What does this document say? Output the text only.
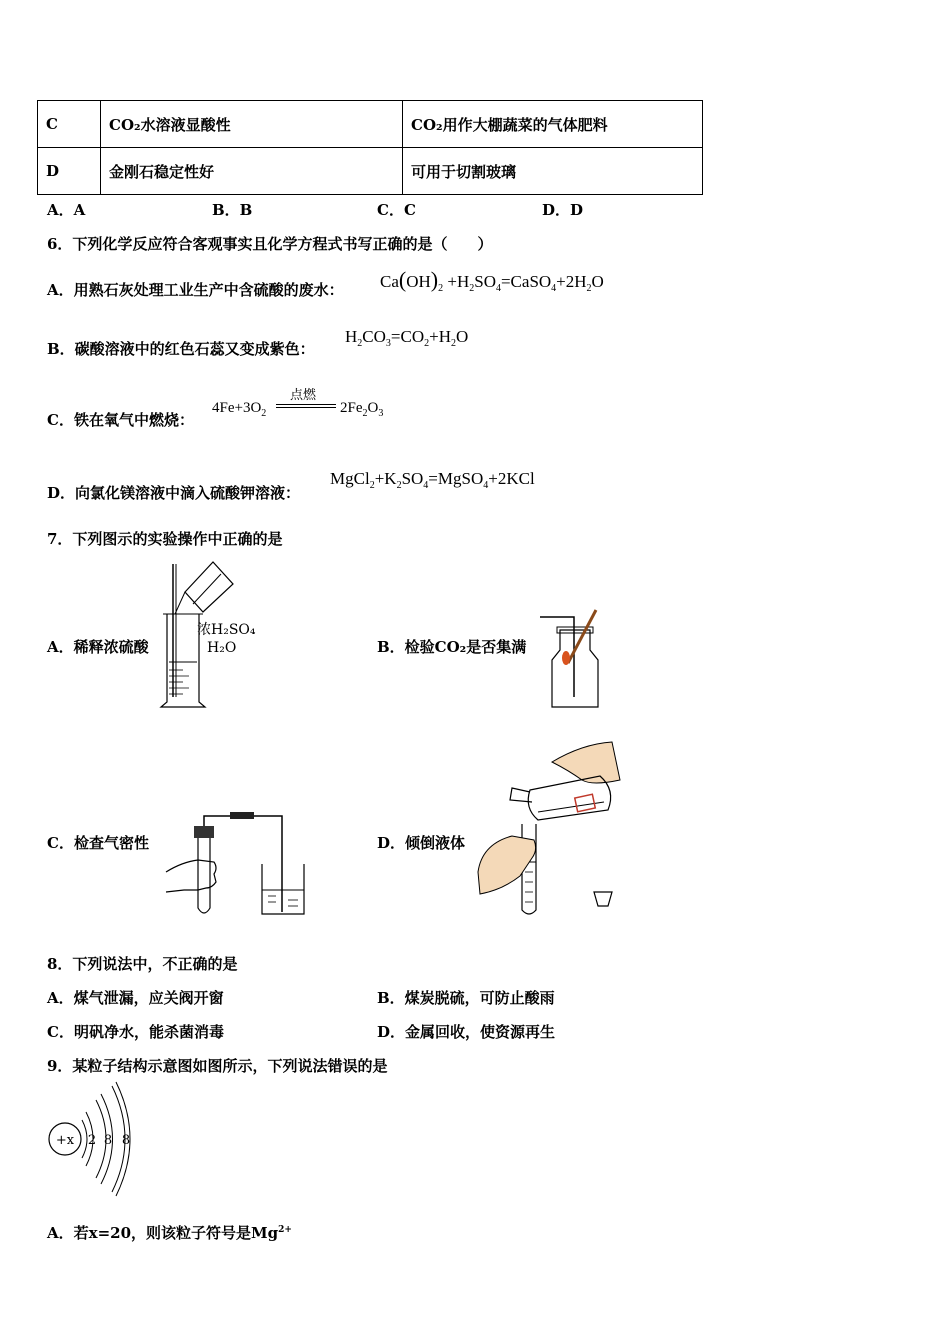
C	CO₂水溶液显酸性	CO₂用作大棚蔬菜的气体肥料
D	金刚石稳定性好	可用于切割玻璃
A．A	B．B	C．C	D．D
6．下列化学反应符合客观事实且化学方程式书写正确的是（　　）
A．用熟石灰处理工业生产中含硫酸的废水： $Ca(OH)_2$ $+H_2SO_4=CaSO_4+2H_2O$
B．碳酸溶液中的红色石蕊又变成紫色：
$H_2CO_3=CO_2+H_2O$
C．铁在氧气中燃烧：
$4Fe+3O_2$
点燃
$2Fe_2O_3$
D．向氯化镁溶液中滴入硫酸钾溶液：
$MgCl_2+K_2SO_4=MgSO_4+2KCl$
7．下列图示的实验操作中正确的是
A．稀释浓硫酸
浓H₂SO₄
H₂O	B．检验CO₂是否集满
C．检查气密性	D．倾倒液体
8．下列说法中，不正确的是
A．煤气泄漏，应关阀开窗	B．煤炭脱硫，可防止酸雨
C．明矾净水，能杀菌消毒	D．金属回收，使资源再生
9．某粒子结构示意图如图所示，下列说法错误的是
+x 2 8 8
A．若x=20，则该粒子符号是$Mg^{2+}$
